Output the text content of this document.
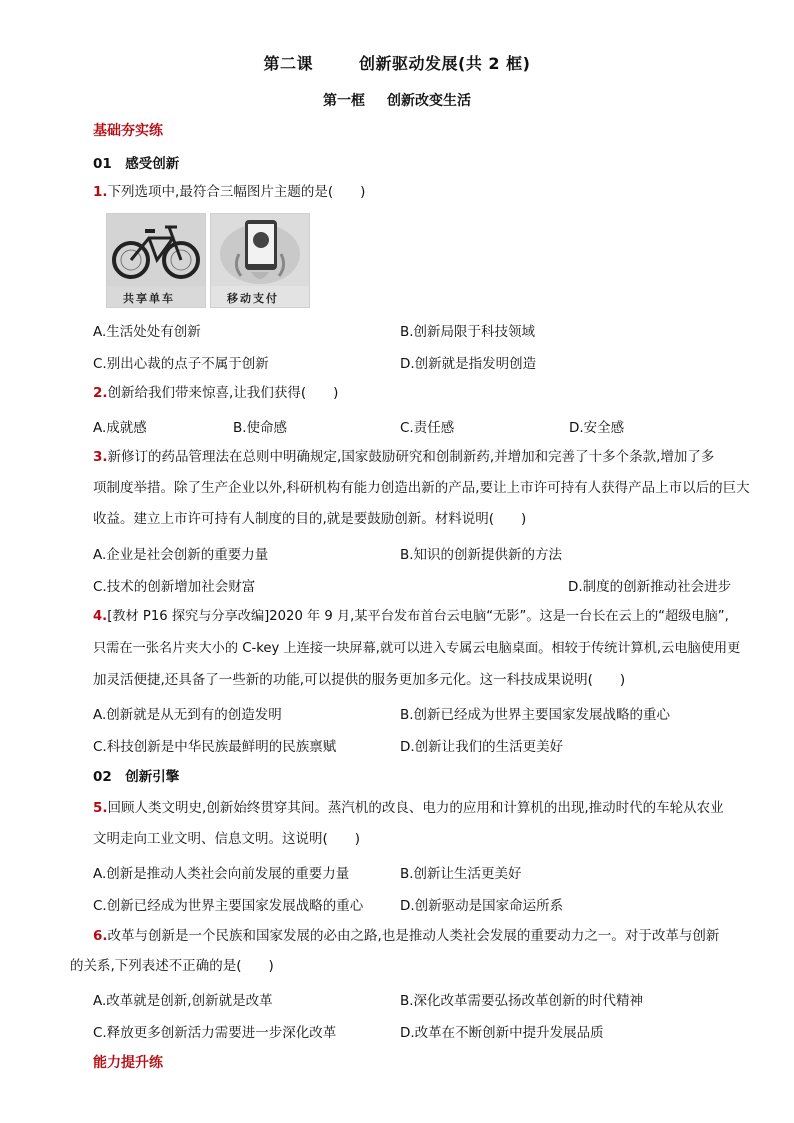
第二课	创新驱动发展(共 2 框)
第一框 创新改变生活
基础夯实练
01　感受创新
1.下列选项中,最符合三幅图片主题的是(　　)
共享单车	移动支付
A.生活处处有创新	B.创新局限于科技领域
C.别出心裁的点子不属于创新	D.创新就是指发明创造
2.创新给我们带来惊喜,让我们获得(　　)
A.成就感	B.使命感	C.责任感	D.安全感
3.新修订的药品管理法在总则中明确规定,国家鼓励研究和创制新药,并增加和完善了十多个条款,增加了多
项制度举措。除了生产企业以外,科研机构有能力创造出新的产品,要让上市许可持有人获得产品上市以后的巨大
收益。建立上市许可持有人制度的目的,就是要鼓励创新。材料说明(　　)
A.企业是社会创新的重要力量	B.知识的创新提供新的方法
C.技术的创新增加社会财富	D.制度的创新推动社会进步
4.[教材 P16 探究与分享改编]2020 年 9 月,某平台发布首台云电脑“无影”。这是一台长在云上的“超级电脑”,
只需在一张名片夹大小的 C-key 上连接一块屏幕,就可以进入专属云电脑桌面。相较于传统计算机,云电脑使用更
加灵活便捷,还具备了一些新的功能,可以提供的服务更加多元化。这一科技成果说明(　　)
A.创新就是从无到有的创造发明	B.创新已经成为世界主要国家发展战略的重心
C.科技创新是中华民族最鲜明的民族禀赋	D.创新让我们的生活更美好
02　创新引擎
5.回顾人类文明史,创新始终贯穿其间。蒸汽机的改良、电力的应用和计算机的出现,推动时代的车轮从农业
文明走向工业文明、信息文明。这说明(　　)
A.创新是推动人类社会向前发展的重要力量	B.创新让生活更美好
C.创新已经成为世界主要国家发展战略的重心	D.创新驱动是国家命运所系
6.改革与创新是一个民族和国家发展的必由之路,也是推动人类社会发展的重要动力之一。对于改革与创新
的关系,下列表述不正确的是(　　)
A.改革就是创新,创新就是改革	B.深化改革需要弘扬改革创新的时代精神
C.释放更多创新活力需要进一步深化改革	D.改革在不断创新中提升发展品质
能力提升练
